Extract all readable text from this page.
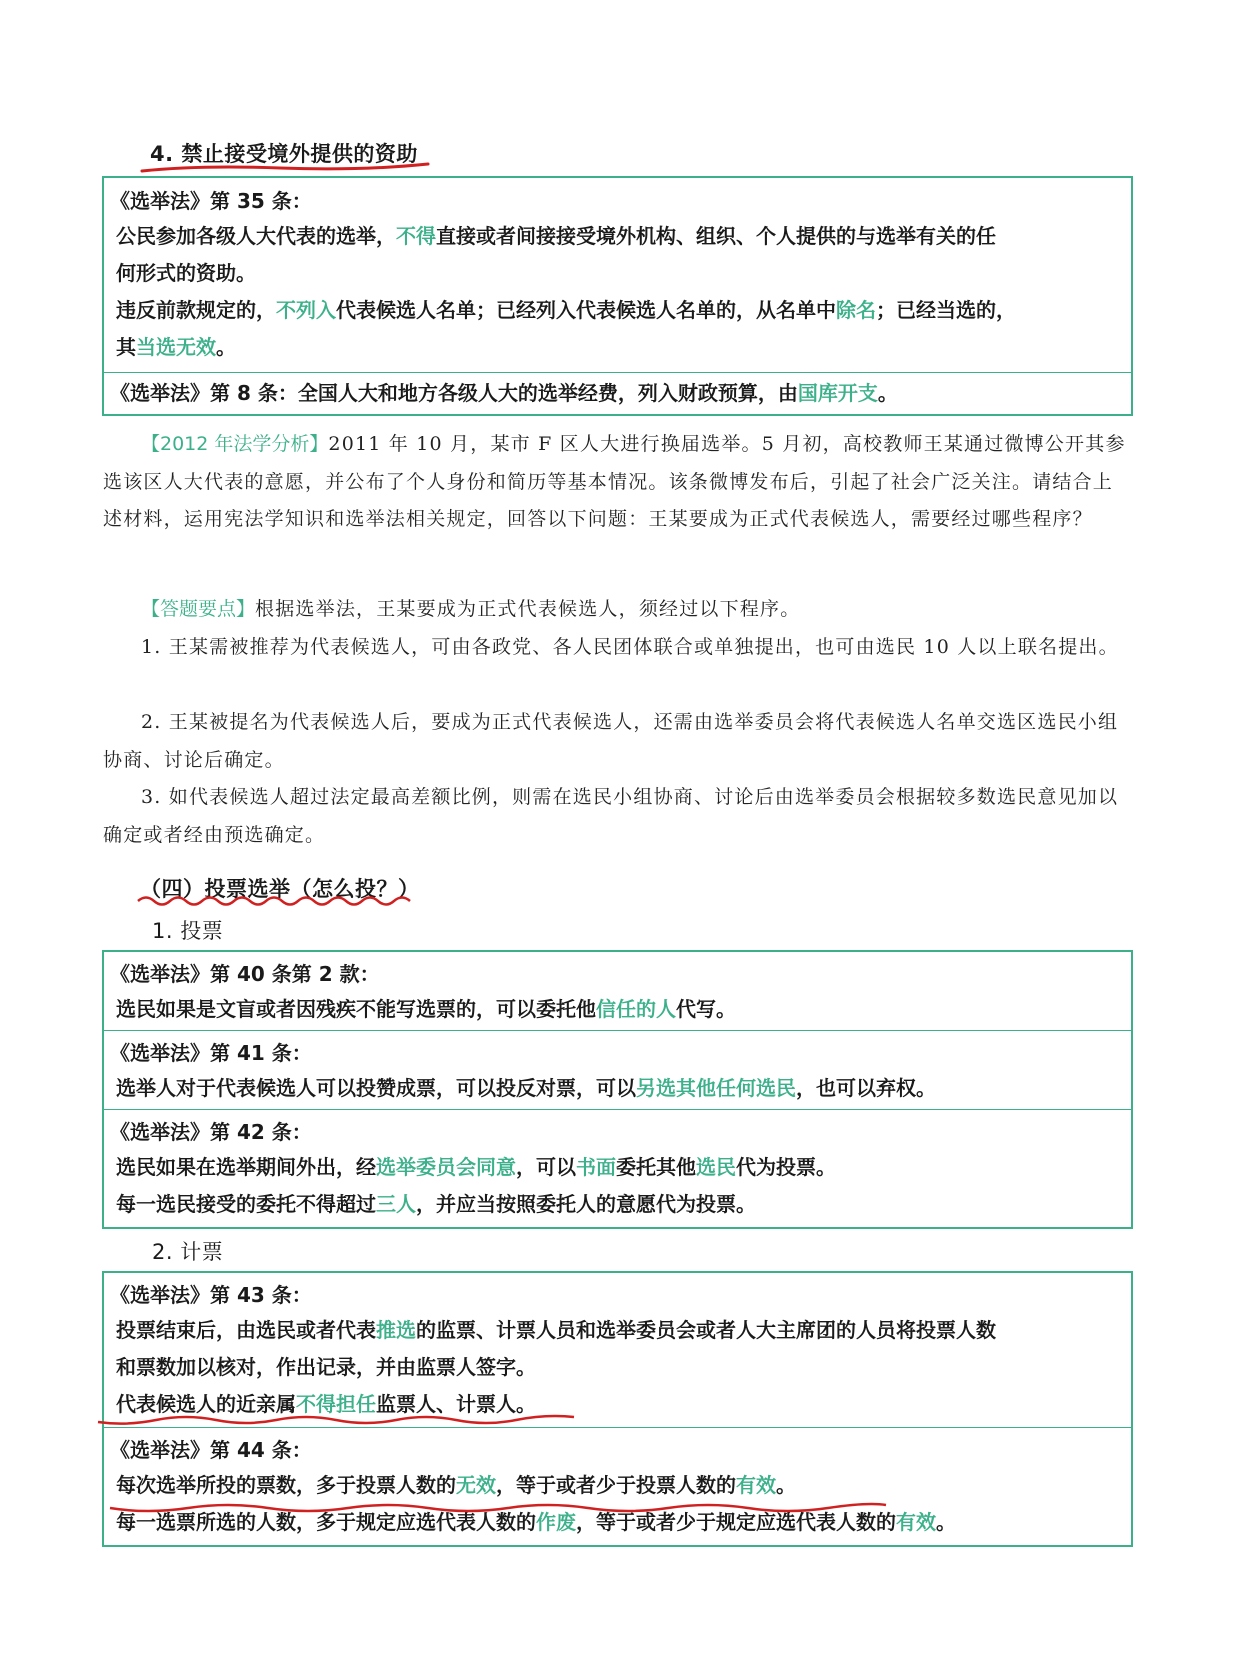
4. 禁止接受境外提供的资助
《选举法》第 35 条：
公民参加各级人大代表的选举，不得直接或者间接接受境外机构、组织、个人提供的与选举有关的任
何形式的资助。
违反前款规定的，不列入代表候选人名单；已经列入代表候选人名单的，从名单中除名；已经当选的，
其当选无效。
《选举法》第 8 条：全国人大和地方各级人大的选举经费，列入财政预算，由国库开支。
【2012 年法学分析】2011 年 10 月，某市 F 区人大进行换届选举。5 月初，高校教师王某通过微博公开其参选该区人大代表的意愿，并公布了个人身份和简历等基本情况。该条微博发布后，引起了社会广泛关注。请结合上述材料，运用宪法学知识和选举法相关规定，回答以下问题：王某要成为正式代表候选人，需要经过哪些程序？
【答题要点】根据选举法，王某要成为正式代表候选人，须经过以下程序。
1. 王某需被推荐为代表候选人，可由各政党、各人民团体联合或单独提出，也可由选民 10 人以上联名提出。
2. 王某被提名为代表候选人后，要成为正式代表候选人，还需由选举委员会将代表候选人名单交选区选民小组协商、讨论后确定。
3. 如代表候选人超过法定最高差额比例，则需在选民小组协商、讨论后由选举委员会根据较多数选民意见加以确定或者经由预选确定。
（四）投票选举（怎么投？）
1. 投票
《选举法》第 40 条第 2 款：
选民如果是文盲或者因残疾不能写选票的，可以委托他信任的人代写。
《选举法》第 41 条：
选举人对于代表候选人可以投赞成票，可以投反对票，可以另选其他任何选民，也可以弃权。
《选举法》第 42 条：
选民如果在选举期间外出，经选举委员会同意，可以书面委托其他选民代为投票。
每一选民接受的委托不得超过三人，并应当按照委托人的意愿代为投票。
2. 计票
《选举法》第 43 条：
投票结束后，由选民或者代表推选的监票、计票人员和选举委员会或者人大主席团的人员将投票人数
和票数加以核对，作出记录，并由监票人签字。
代表候选人的近亲属不得担任监票人、计票人。
《选举法》第 44 条：
每次选举所投的票数，多于投票人数的无效，等于或者少于投票人数的有效。
每一选票所选的人数，多于规定应选代表人数的作废，等于或者少于规定应选代表人数的有效。
